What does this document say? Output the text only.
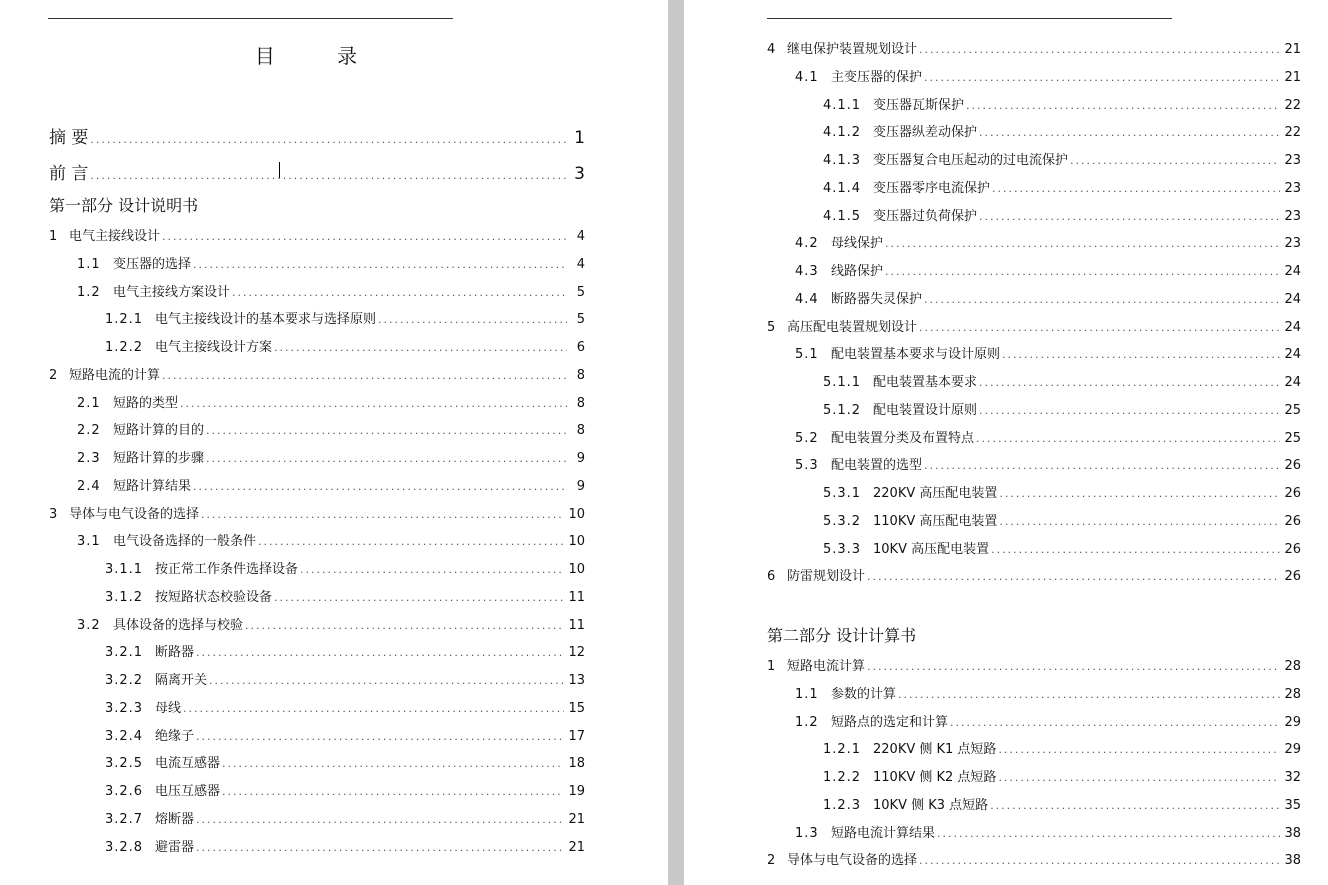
目 录
摘 要 .....	1
前 言 .....	3
第一部分 设计说明书
1 电气主接线设计 .....	4
1.1 变压器的选择 .....	4
1.2 电气主接线方案设计 .....	5
1.2.1 电气主接线设计的基本要求与选择原则 .....	5
1.2.2 电气主接线设计方案 .....	6
2 短路电流的计算 .....	8
2.1 短路的类型 .....	8
2.2 短路计算的目的 .....	8
2.3 短路计算的步骤 .....	9
2.4 短路计算结果 .....	9
3 导体与电气设备的选择 .....	10
3.1 电气设备选择的一般条件 .....	10
3.1.1 按正常工作条件选择设备 .....	10
3.1.2 按短路状态校验设备 .....	11
3.2 具体设备的选择与校验 .....	11
3.2.1 断路器 .....	12
3.2.2 隔离开关 .....	13
3.2.3 母线 .....	15
3.2.4 绝缘子 .....	17
3.2.5 电流互感器 .....	18
3.2.6 电压互感器 .....	19
3.2.7 熔断器 .....	21
3.2.8 避雷器 .....	21
4 继电保护装置规划设计 .....	21
4.1 主变压器的保护 .....	21
4.1.1 变压器瓦斯保护 .....	22
4.1.2 变压器纵差动保护 .....	22
4.1.3 变压器复合电压起动的过电流保护 .....	23
4.1.4 变压器零序电流保护 .....	23
4.1.5 变压器过负荷保护 .....	23
4.2 母线保护 .....	23
4.3 线路保护 .....	24
4.4 断路器失灵保护 .....	24
5 高压配电装置规划设计 .....	24
5.1 配电装置基本要求与设计原则 .....	24
5.1.1 配电装置基本要求 .....	24
5.1.2 配电装置设计原则 .....	25
5.2 配电装置分类及布置特点 .....	25
5.3 配电装置的选型 .....	26
5.3.1 220KV 高压配电装置 .....	26
5.3.2 110KV 高压配电装置 .....	26
5.3.3 10KV 高压配电装置 .....	26
6 防雷规划设计 .....	26
第二部分 设计计算书
1 短路电流计算 .....	28
1.1 参数的计算 .....	28
1.2 短路点的选定和计算 .....	29
1.2.1 220KV 侧 K1 点短路 .....	29
1.2.2 110KV 侧 K2 点短路 .....	32
1.2.3 10KV 侧 K3 点短路 .....	35
1.3 短路电流计算结果 .....	38
2 导体与电气设备的选择 .....	38
